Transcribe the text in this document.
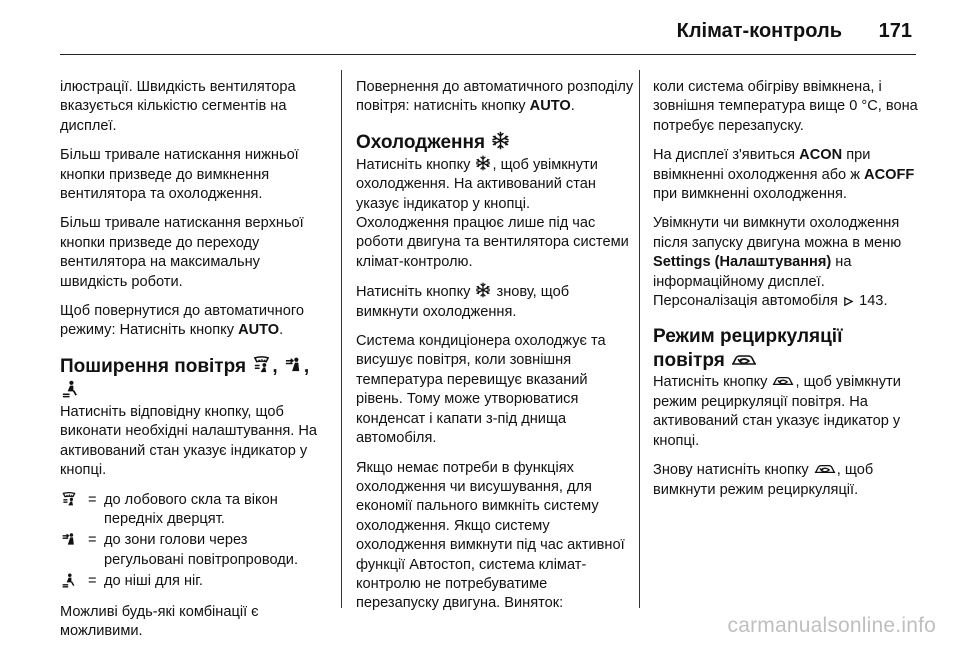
Клімат-контроль 171

ілюстрації. Швидкість вентилятора вказується кількістю сегментів на дисплеї.

Більш тривале натискання нижньої кнопки призведе до вимкнення вентилятора та охолодження.

Більш тривале натискання верхньої кнопки призведе до переходу вентилятора на максимальну швидкість роботи.

Щоб повернутися до автоматичного режиму: Натисніть кнопку AUTO.

Поширення повітря , ,

Натисніть відповідну кнопку, щоб виконати необхідні налаштування. На активований стан указує індикатор у кнопці.

= до лобового скла та вікон передніх дверцят.
= до зони голови через регульовані повітропроводи.
= до ніші для ніг.

Можливі будь-які комбінації є можливими.

Повернення до автоматичного розподілу повітря: натисніть кнопку AUTO.

Охолодження

Натисніть кнопку , щоб увімкнути охолодження. На активований стан указує індикатор у кнопці.
Охолодження працює лише під час роботи двигуна та вентилятора системи клімат-контролю.

Натисніть кнопку  знову, щоб вимкнути охолодження.

Система кондиціонера охолоджує та висушує повітря, коли зовнішня температура перевищує вказаний рівень. Тому може утворюватися конденсат і капати з-під днища автомобіля.

Якщо немає потреби в функціях охолодження чи висушування, для економії пального вимкніть систему охолодження. Якщо систему охолодження вимкнути під час активної функції Автостоп, система клімат-контролю не потребуватиме перезапуску двигуна. Виняток:

коли система обігріву ввімкнена, і зовнішня температура вище 0 °C, вона потребує перезапуску.

На дисплеї з'явиться ACON при ввімкненні охолодження або ж ACOFF при вимкненні охолодження.

Увімкнути чи вимкнути охолодження після запуску двигуна можна в меню Settings (Налаштування) на інформаційному дисплеї.
Персоналізація автомобіля 143.

Режим рециркуляції
повітря

Натисніть кнопку , щоб увімкнути режим рециркуляції повітря. На активований стан указує індикатор у кнопці.

Знову натисніть кнопку , щоб вимкнути режим рециркуляції.

carmanualsonline.info
